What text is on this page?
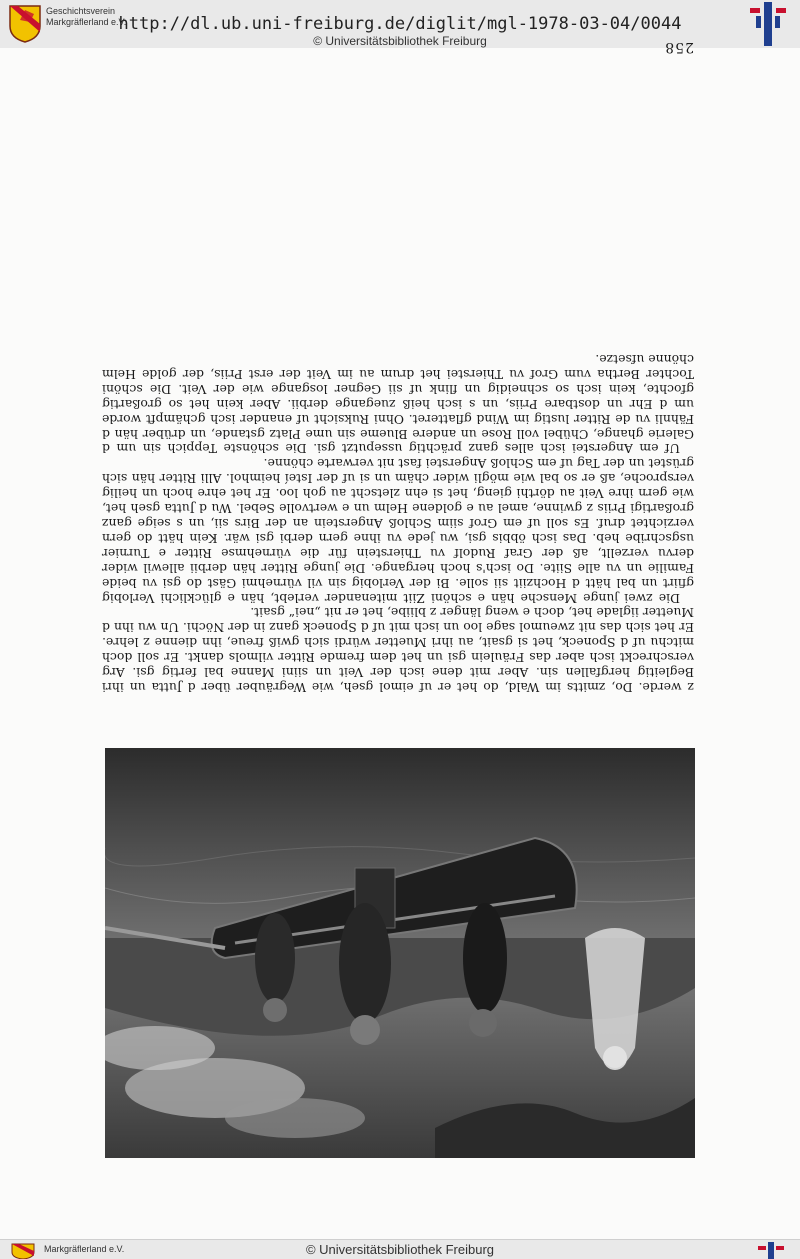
Geschichtsverein Markgräflerland e.V.
http://dl.ub.uni-freiburg.de/diglit/mgl-1978-03-04/0044
© Universitätsbibliothek Freiburg

z werde. Do, zmitts im Wald, do het er uf eimol gseh, wie Wegräuber über d Jutta un ihri Begleitig hergfallen sin. Aber mit dene isch der Veit un siini Manne bal fertig gsi. Arg verschreckt isch aber das Fräulein gsi un het dem fremde Ritter vilmols dankt. Er soll doch mitchu uf d Sponeck, het si gsait, au ihri Muetter würdi sich gwiß freue, ihn dienne z lehre. Er het sich das nit zweumol sage loo un isch mit uf d Sponeck ganz in der Nöchi. Un wu ihn d Muetter iiglade het, doch e weng länger z bliibe, het er nit „nei“ gsait.

Die zwei junge Mensche hän e schöni Ziit mitenander verlebt, hän e glücklichi Verlobig gfiirt un bal hätt d Hochziit sii solle. Bi der Verlobig sin vil vürnehmi Gäst do gsi vu beide Familie un vu alle Siite. Do isch's hoch hergange. Die junge Ritter hän derbii allewil wider dervu verzellt, aß der Graf Rudolf vu Thierstein für die vürnehmse Ritter e Turnier usgschribe heb. Das isch öbbis gsi, wu jede vu ihne gern derbi gsi wär. Kein hätt do gern verzichtet druf. Es soll uf em Grof siim Schloß Angerstein an der Birs sii, un s seige ganz großartigi Priis z gwinne, amel au e goldene Helm un e wertvolle Sebel. Wu d Jutta gseh het, wie gern ihre Veit au dörthi gieng, het si ehn zletscht au goh loo. Er het ehre hoch un heilig versproche, aß er so bal wie mögli wider chäm un si uf der Isteí heimhol. Alli Ritter hän sich grüstet un der Tag uf em Schloß Angerstei fast nit verwarte chönne.

Uf em Angerstei isch alles ganz prächtig usseputzt gsi. Die schönste Teppich sin um d Galerie ghange, Chübel voll Rose un andere Blueme sin ume Platz gstande, un drüber hän d Fähnli vu de Ritter lustig im Wind gflatteret. Ohni Ruksicht uf enander isch gchämpft worde um d Ehr un dostbare Priis, un s isch heiß zuegange derbii. Aber kein het so großartig gfochte, kein isch so schneidig un flink uf sii Gegner losgange wie der Veit. Die schöni Tochter Bertha vum Grof vu Thierstei het drum au im Veit der erst Priis, der golde Helm chönne ufsetze.

258
Markgräflerland e.V.	© Universitätsbibliothek Freiburg
